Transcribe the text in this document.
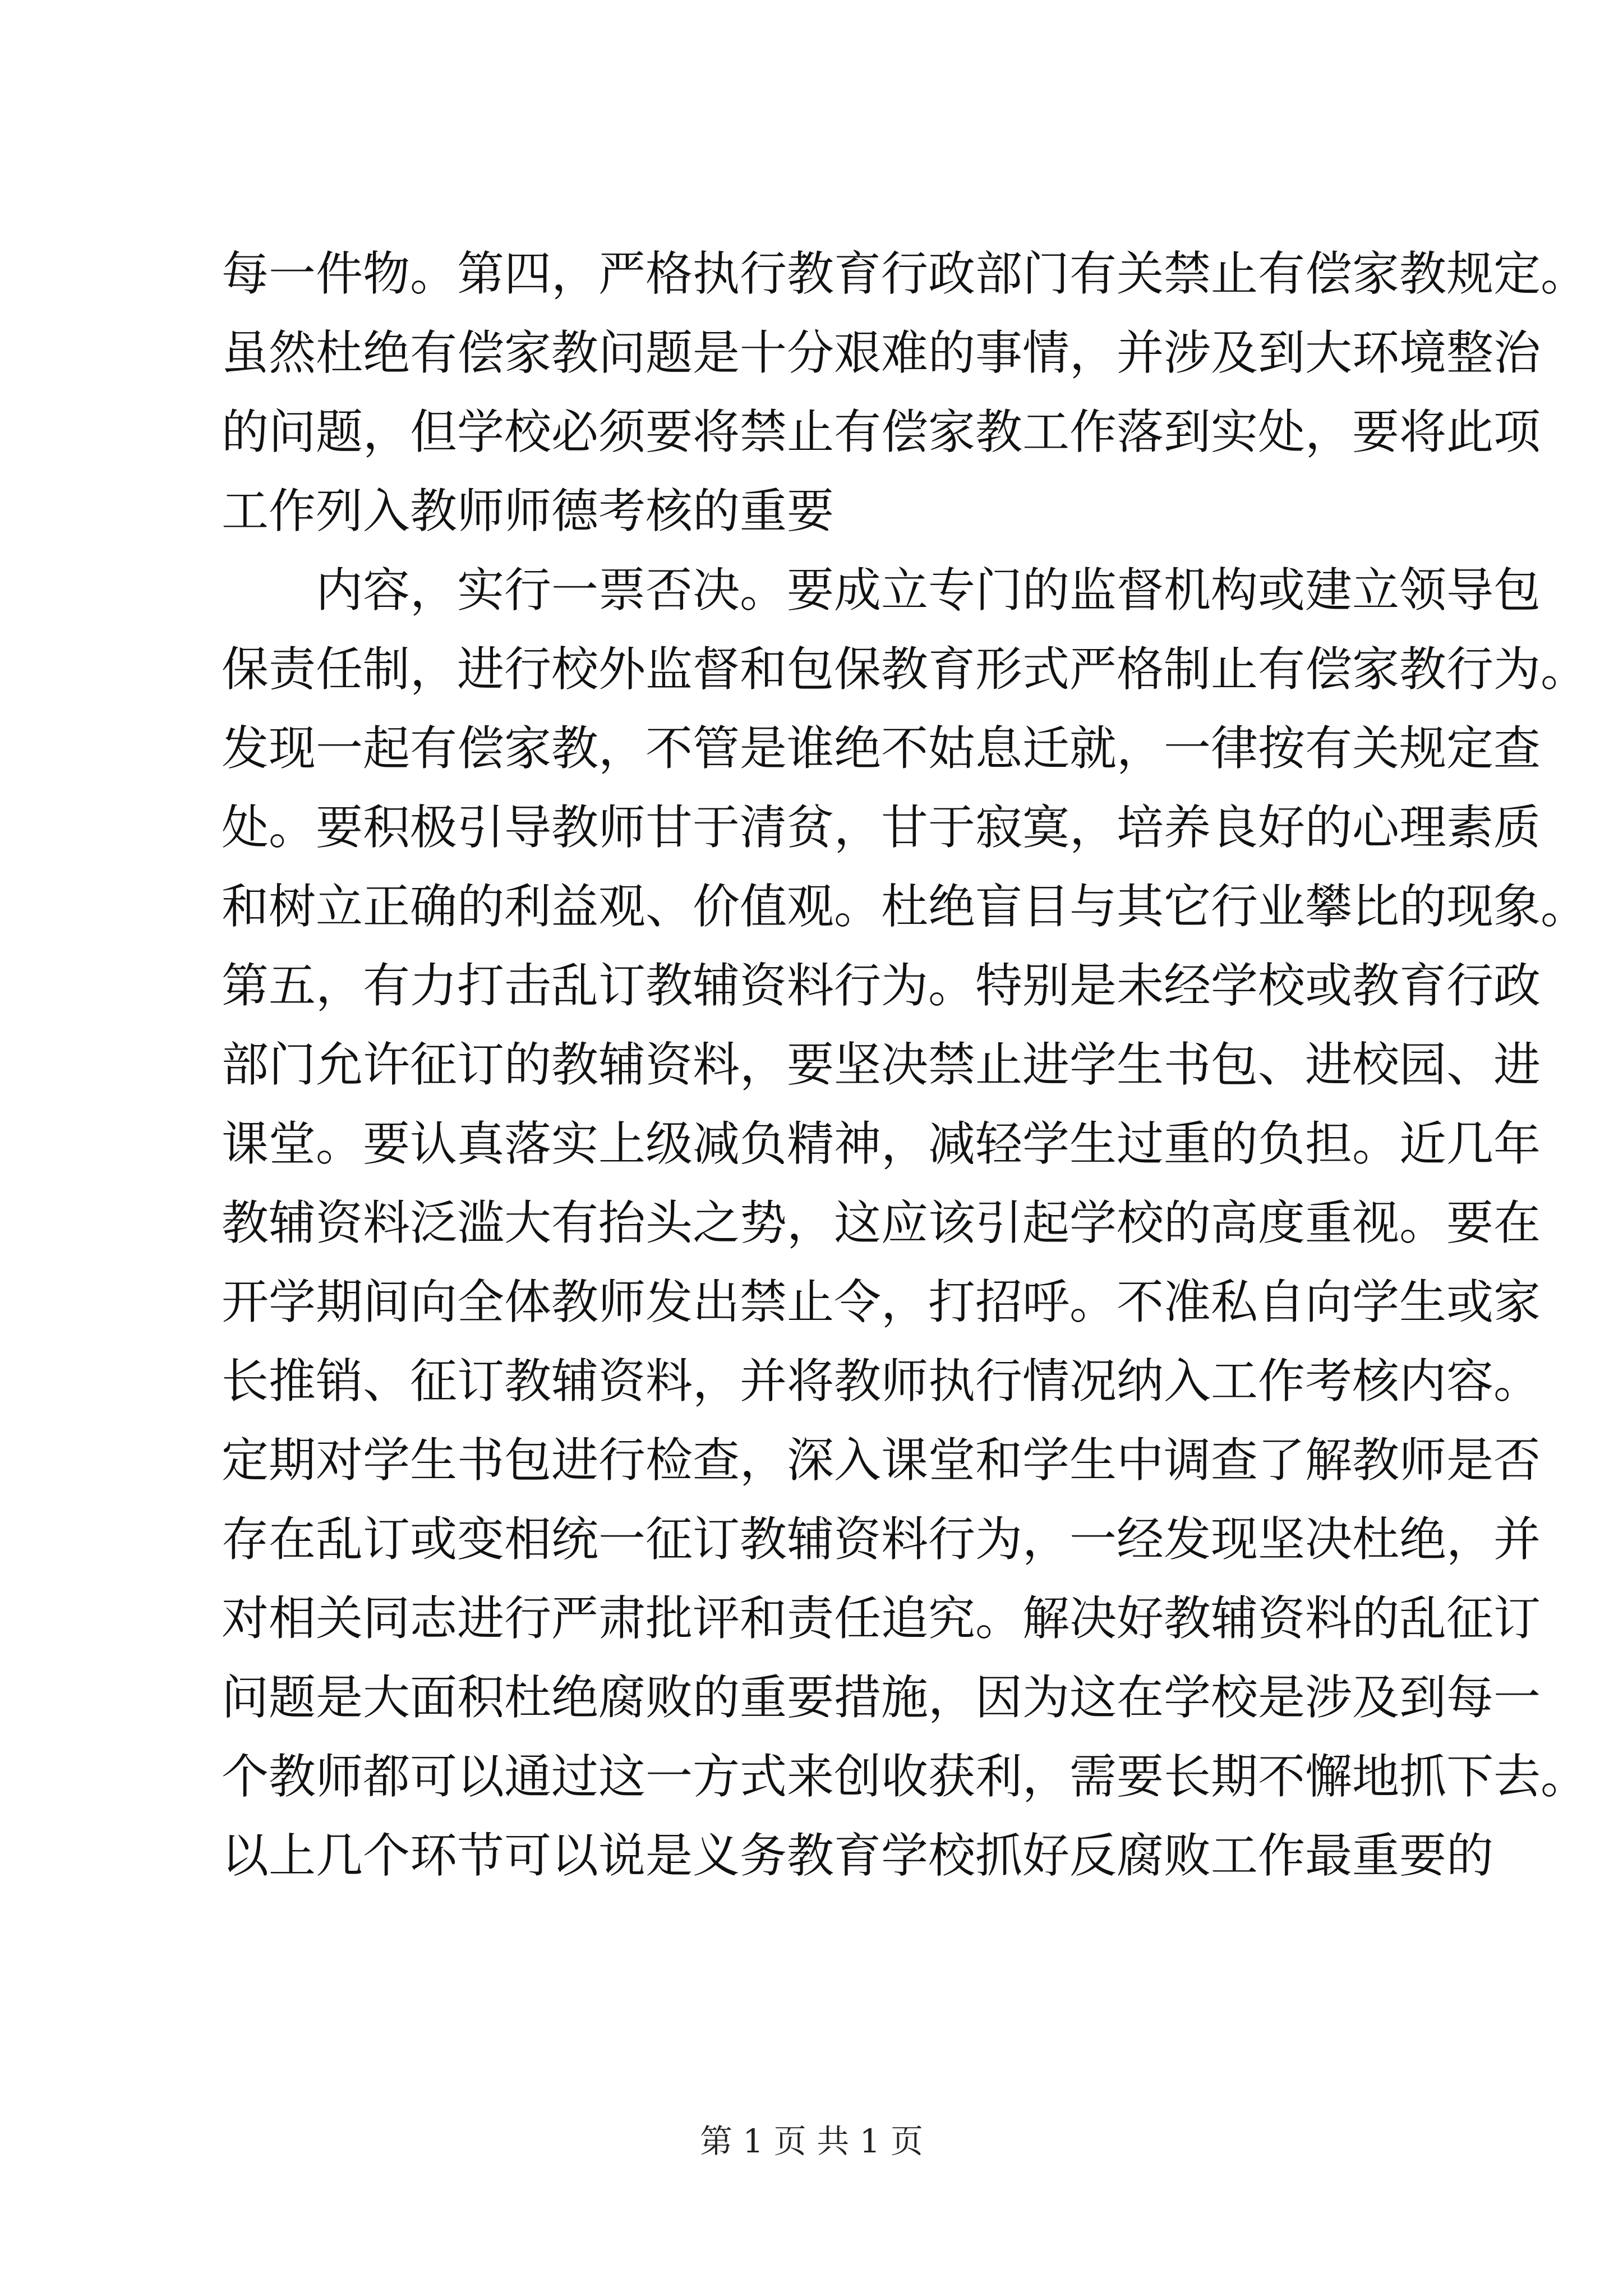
每一件物。第四，严格执行教育行政部门有关禁止有偿家教规定。
虽然杜绝有偿家教问题是十分艰难的事情，并涉及到大环境整治
的问题，但学校必须要将禁止有偿家教工作落到实处，要将此项
工作列入教师师德考核的重要
内容，实行一票否决。要成立专门的监督机构或建立领导包
保责任制，进行校外监督和包保教育形式严格制止有偿家教行为。
发现一起有偿家教，不管是谁绝不姑息迁就，一律按有关规定查
处。要积极引导教师甘于清贫，甘于寂寞，培养良好的心理素质
和树立正确的利益观、价值观。杜绝盲目与其它行业攀比的现象。
第五，有力打击乱订教辅资料行为。特别是未经学校或教育行政
部门允许征订的教辅资料，要坚决禁止进学生书包、进校园、进
课堂。要认真落实上级减负精神，减轻学生过重的负担。近几年
教辅资料泛滥大有抬头之势，这应该引起学校的高度重视。要在
开学期间向全体教师发出禁止令，打招呼。不准私自向学生或家
长推销、征订教辅资料，并将教师执行情况纳入工作考核内容。
定期对学生书包进行检查，深入课堂和学生中调查了解教师是否
存在乱订或变相统一征订教辅资料行为，一经发现坚决杜绝，并
对相关同志进行严肃批评和责任追究。解决好教辅资料的乱征订
问题是大面积杜绝腐败的重要措施，因为这在学校是涉及到每一
个教师都可以通过这一方式来创收获利，需要长期不懈地抓下去。
以上几个环节可以说是义务教育学校抓好反腐败工作最重要的
第 1 页 共 1 页
